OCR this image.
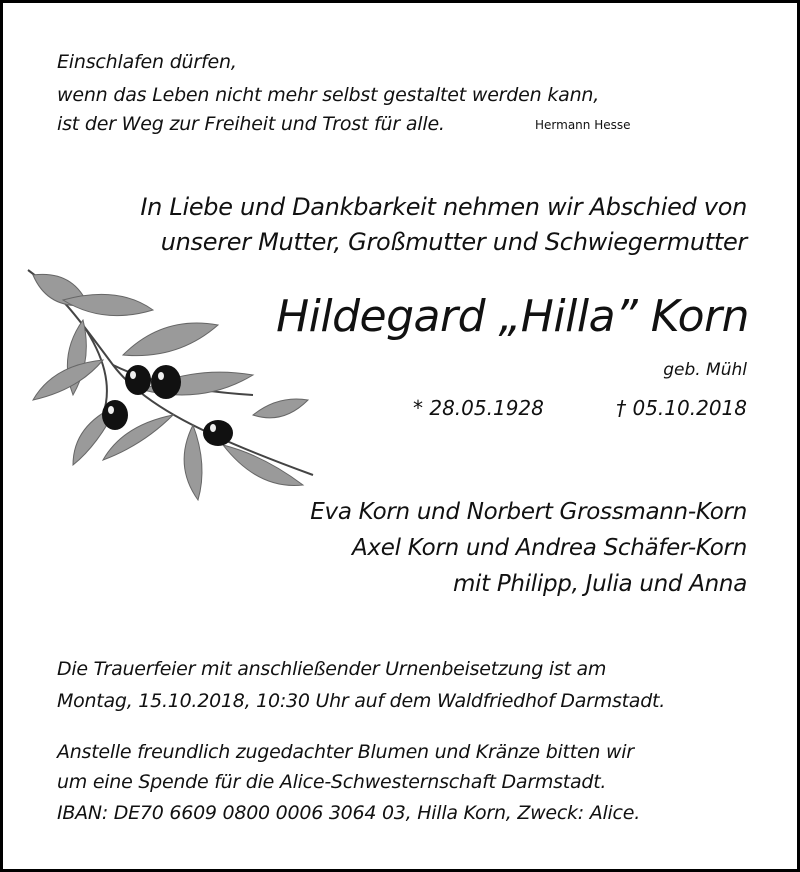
Einschlafen dürfen,
wenn das Leben nicht mehr selbst gestaltet werden kann,
ist der Weg zur Freiheit und Trost für alle.	Hermann Hesse
In Liebe und Dankbarkeit nehmen wir Abschied von
unserer Mutter, Großmutter und Schwiegermutter
Hildegard „Hilla” Korn
geb. Mühl
* 28.05.1928	† 05.10.2018
Eva Korn und Norbert Grossmann-Korn
Axel Korn und Andrea Schäfer-Korn
mit Philipp, Julia und Anna
Die Trauerfeier mit anschließender Urnenbeisetzung ist am
Montag, 15.10.2018, 10:30 Uhr auf dem Waldfriedhof Darmstadt.
Anstelle freundlich zugedachter Blumen und Kränze bitten wir
um eine Spende für die Alice-Schwesternschaft Darmstadt.
IBAN: DE70 6609 0800 0006 3064 03, Hilla Korn, Zweck: Alice.
